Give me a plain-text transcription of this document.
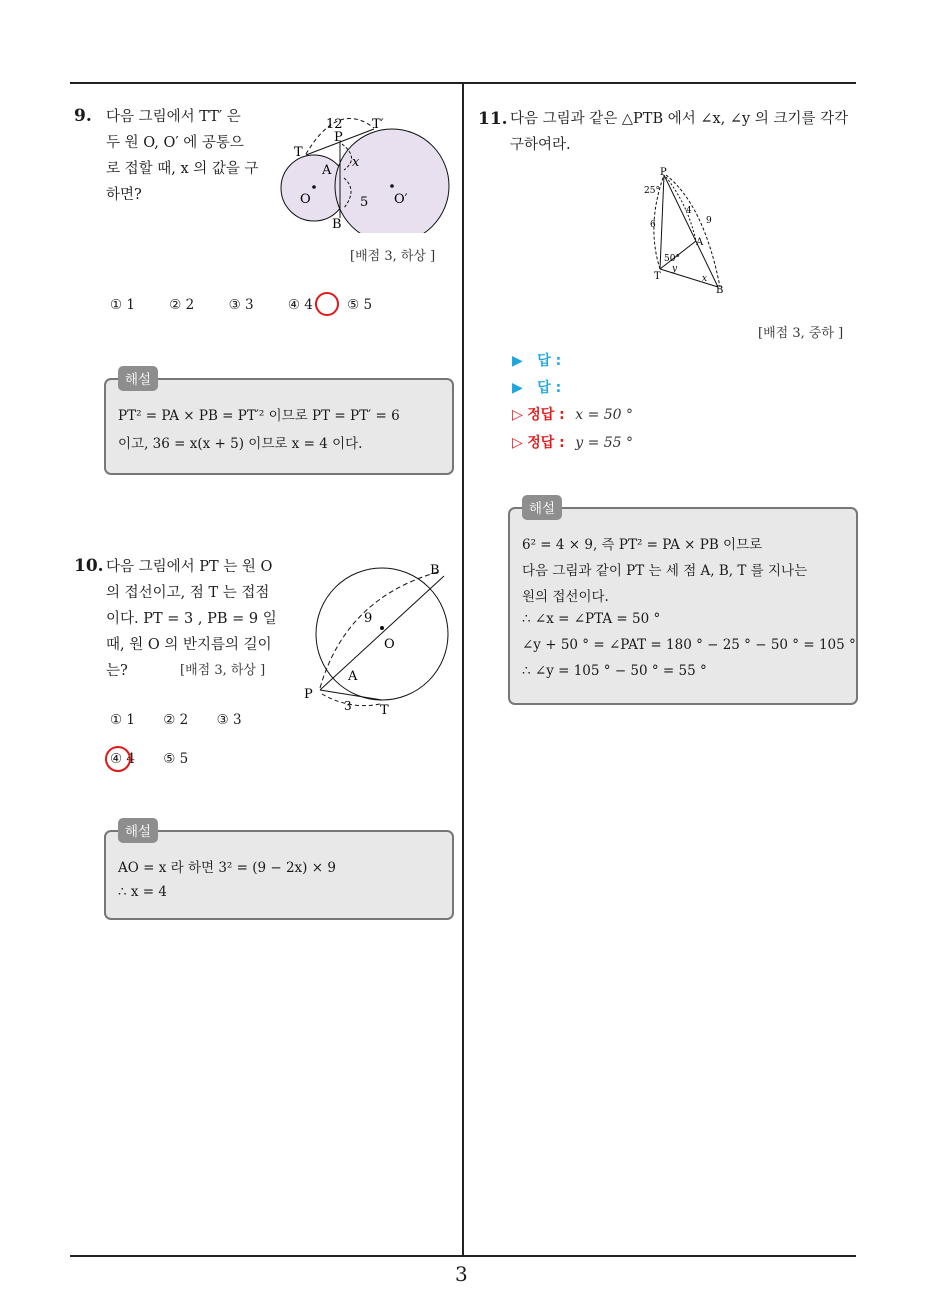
3
9. 다음 그림에서 TT′ 은
두 원 O, O′ 에 공통으
로 접할 때, x 의 값을 구
하면?
12 T′
T
P
A
x
O	O′
5
B
[배점 3, 하상 ]
① 1	② 2	③ 3	④ 4	⑤ 5
PT² = PA × PB = PT′² 이므로 PT = PT′ = 6
이고, 36 = x(x + 5) 이므로 x = 4 이다.
해설
10. 다음 그림에서 PT 는 원 O
의 접선이고, 점 T 는 접점
이다. PT = 3 , PB = 9 일
때, 원 O 의 반지름의 길이
는?	[배점 3, 하상 ]
B
9
O
A
P
3 T
① 1 ② 2 ③ 3
④ 4 ⑤ 5
AO = x 라 하면 3² = (9 − 2x) × 9
∴ x = 4
해설
11. 다음 그림과 같은 △PTB 에서 ∠x, ∠y 의 크기를 각각
구하여라.
P
25°
4
9
6
A
50°
y
T	x
B
[배점 3, 중하 ]
▶ 답 :
▶ 답 :
▷ 정답 : x = 50 °
▷ 정답 : y = 55 °
6² = 4 × 9, 즉 PT² = PA × PB 이므로
다음 그림과 같이 PT 는 세 점 A, B, T 를 지나는
원의 접선이다.
∴ ∠x = ∠PTA = 50 °
∠y + 50 ° = ∠PAT = 180 ° − 25 ° − 50 ° = 105 °
∴ ∠y = 105 ° − 50 ° = 55 °
해설
